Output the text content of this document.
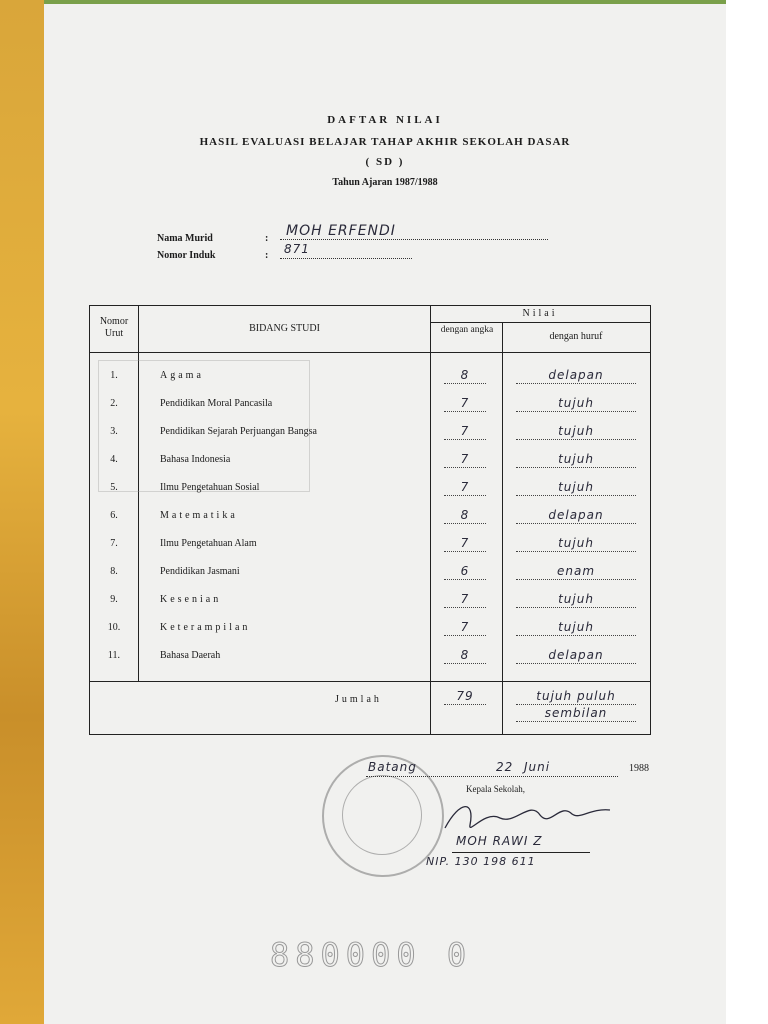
DAFTAR NILAI
HASIL EVALUASI BELAJAR TAHAP AKHIR SEKOLAH DASAR
( SD )
Tahun Ajaran 1987/1988
Nama Murid	: MOH ERFENDI
Nomor Induk	: 871
Nomor Urut	BIDANG STUDI
Nilai
dengan angka
dengan huruf
1.	Agama	8	delapan
2.	Pendidikan Moral Pancasila	7	tujuh
3.	Pendidikan Sejarah Perjuangan Bangsa	7	tujuh
4.	Bahasa Indonesia	7	tujuh
5.	Ilmu Pengetahuan Sosial	7	tujuh
6.	Matematika	8	delapan
7.	Ilmu Pengetahuan Alam	7	tujuh
8.	Pendidikan Jasmani	6	enam
9.	Kesenian	7	tujuh
10.	Keterampilan	7	tujuh
11.	Bahasa Daerah	8	delapan
Jumlah	79	tujuh puluh
sembilan
Batang	22 Juni	1988
Kepala Sekolah,
MOH RAWI Z
NIP. 130 198 611
880000 0
